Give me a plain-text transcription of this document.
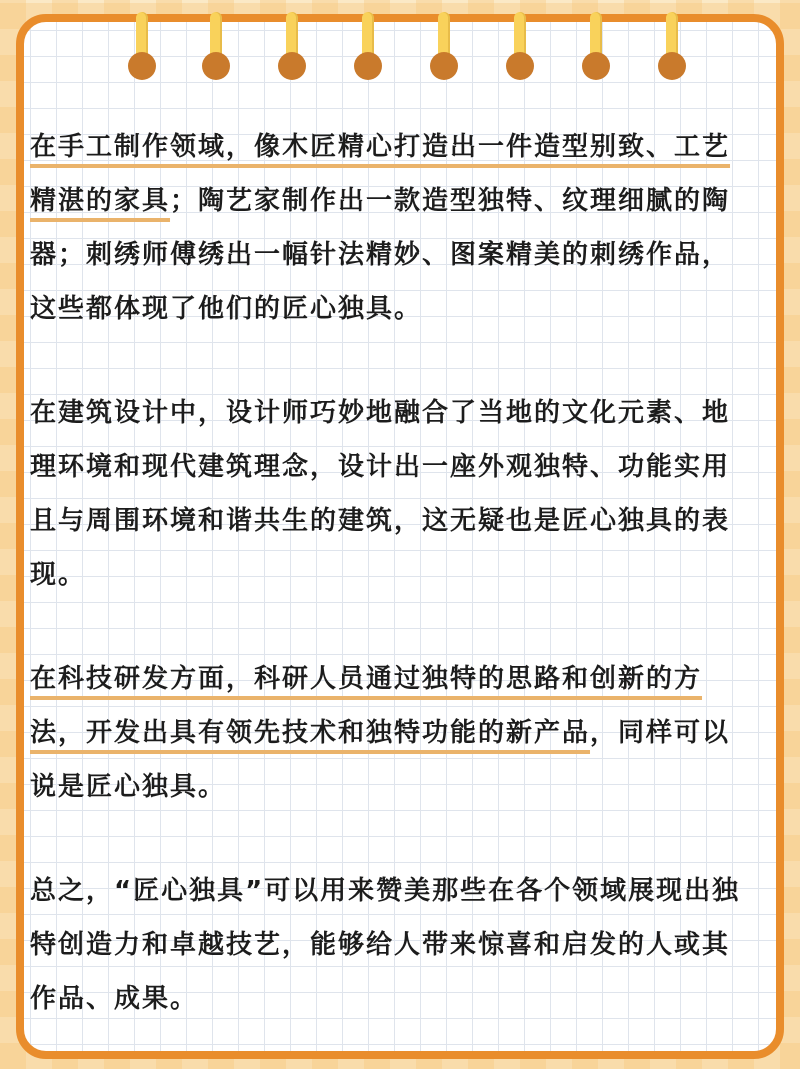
在手工制作领域，像木匠精心打造出一件造型别致、工艺精湛的家具；陶艺家制作出一款造型独特、纹理细腻的陶器；刺绣师傅绣出一幅针法精妙、图案精美的刺绣作品，这些都体现了他们的匠心独具。

在建筑设计中，设计师巧妙地融合了当地的文化元素、地理环境和现代建筑理念，设计出一座外观独特、功能实用且与周围环境和谐共生的建筑，这无疑也是匠心独具的表现。

在科技研发方面，科研人员通过独特的思路和创新的方法，开发出具有领先技术和独特功能的新产品，同样可以说是匠心独具。

总之，“匠心独具”可以用来赞美那些在各个领域展现出独特创造力和卓越技艺，能够给人带来惊喜和启发的人或其作品、成果。
